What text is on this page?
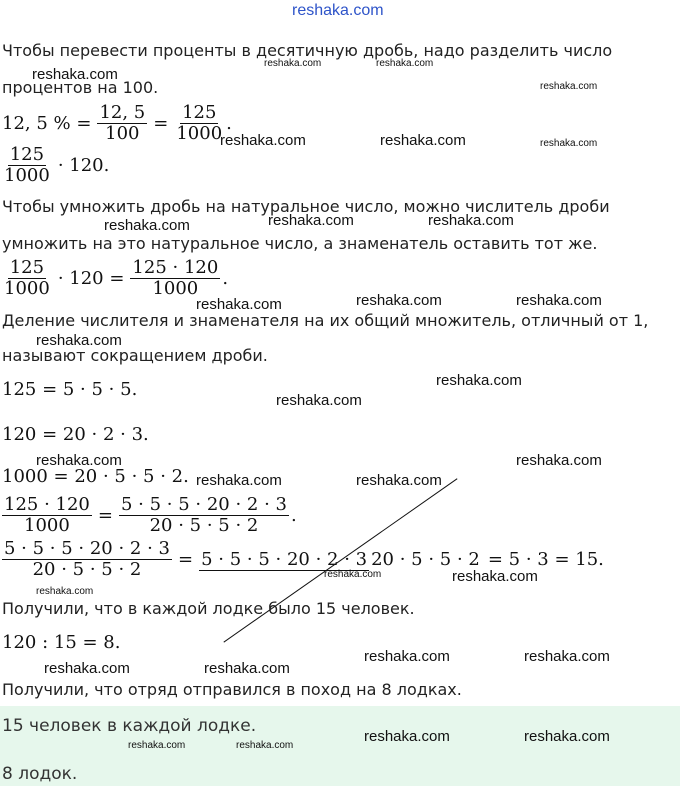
reshaka.com
Чтобы перевести проценты в десятичную дробь, надо разделить число
процентов на 100.
12, 5 % = $\frac{12, 5}{100} = \frac{125}{1000}$ .
$\frac{125}{1000} \cdot 120$.
Чтобы умножить дробь на натуральное число, можно числитель дроби
умножить на это натуральное число, а знаменатель оставить тот же.
$\frac{125}{1000} \cdot 120 = \frac{125 \cdot 120}{1000}$ .
Деление числителя и знаменателя на их общий множитель, отличный от 1,
называют сокращением дроби.
125 = 5 · 5 · 5.
120 = 20 · 2 · 3.
1000 = 20 · 5 · 5 · 2.
$\frac{125 \cdot 120}{1000} = \frac{5 \cdot 5 \cdot 5 \cdot 20 \cdot 2 \cdot 3}{20 \cdot 5 \cdot 5 \cdot 2}$ .
$\frac{5 \cdot 5 \cdot 5 \cdot 20 \cdot 2 \cdot 3}{20 \cdot 5 \cdot 5 \cdot 2} = 5 \cdot 5 \cdot 5 \cdot 20 \cdot 2 \cdot 3$ 20 · 5 · 5 · 2 = 5 · 3 = 15.
Получили, что в каждой лодке было 15 человек.
120 : 15 = 8.
Получили, что отряд отправился в поход на 8 лодках.
15 человек в каждой лодке.
8 лодок.
reshaka.com
reshaka.com	reshaka.com
reshaka.com
reshaka.com	reshaka.com	reshaka.com
reshaka.com	reshaka.com	reshaka.com
reshaka.com	reshaka.com	reshaka.com
reshaka.com
reshaka.com
reshaka.com
reshaka.com	reshaka.com
reshaka.com	reshaka.com
reshaka.com	reshaka.com
reshaka.com
reshaka.com	reshaka.com
reshaka.com	reshaka.com
reshaka.com	reshaka.com
reshaka.com	reshaka.com
